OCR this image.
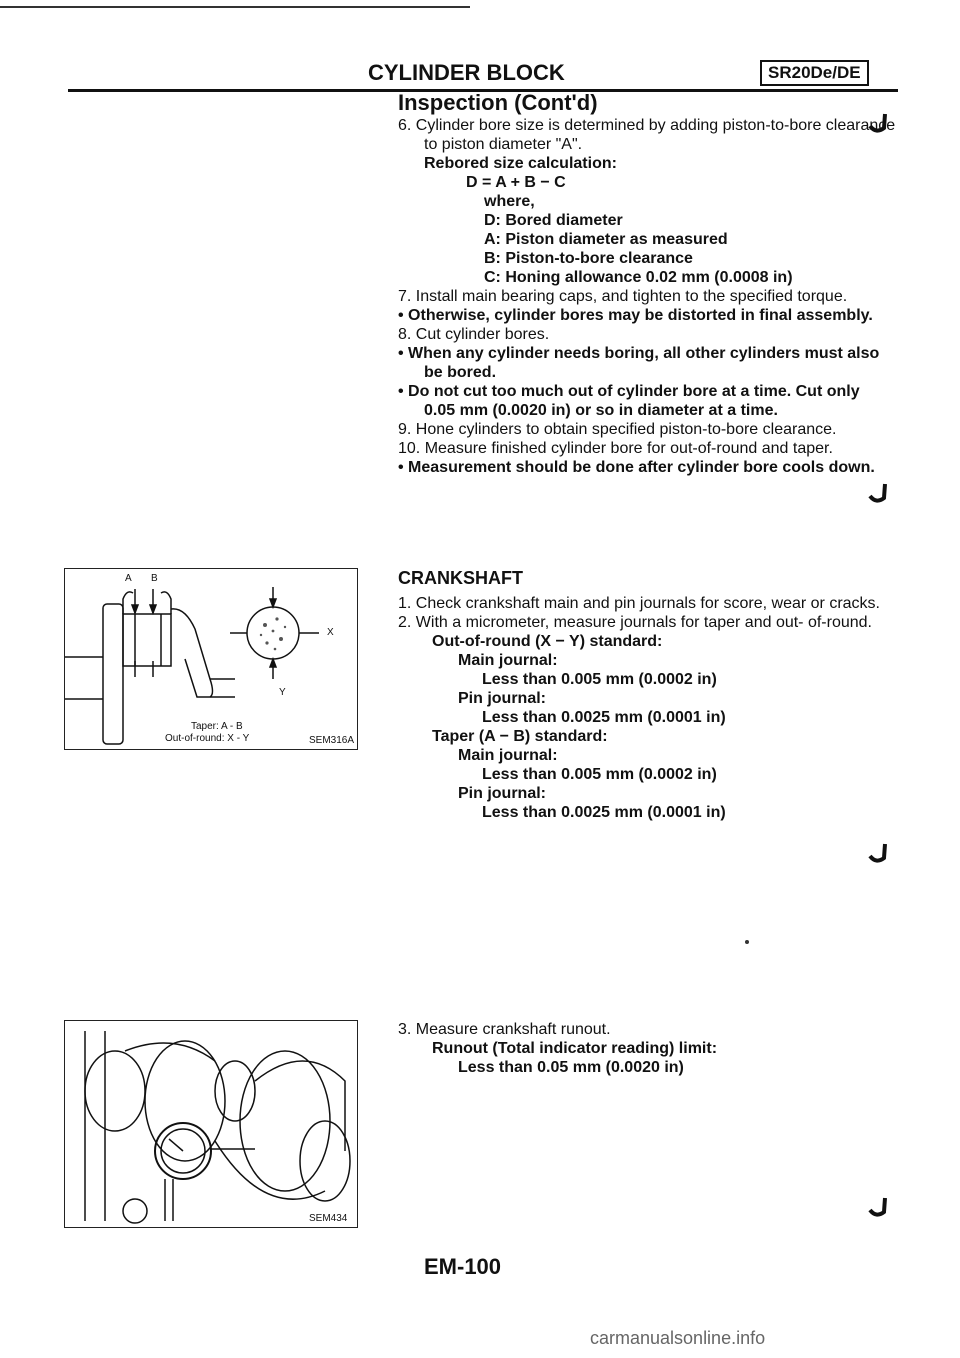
CYLINDER BLOCK	SR20De/DE
Inspection (Cont'd)

6. Cylinder bore size is determined by adding piston-to-bore clearance to piston diameter "A".

Rebored size calculation:

D = A + B − C

where,

D: Bored diameter

A: Piston diameter as measured

B: Piston-to-bore clearance

C: Honing allowance 0.02 mm (0.0008 in)

7. Install main bearing caps, and tighten to the specified torque.

• Otherwise, cylinder bores may be distorted in final assembly.

8. Cut cylinder bores.

• When any cylinder needs boring, all other cylinders must also be bored.

• Do not cut too much out of cylinder bore at a time. Cut only 0.05 mm (0.0020 in) or so in diameter at a time.

9. Hone cylinders to obtain specified piston-to-bore clearance.

10. Measure finished cylinder bore for out-of-round and taper.

• Measurement should be done after cylinder bore cools down.

CRANKSHAFT

1. Check crankshaft main and pin journals for score, wear or cracks.

2. With a micrometer, measure journals for taper and out- of-round.

Out-of-round (X − Y) standard:

Main journal:

Less than 0.005 mm (0.0002 in)

Pin journal:

Less than 0.0025 mm (0.0001 in)

Taper (A − B) standard:

Main journal:

Less than 0.005 mm (0.0002 in)

Pin journal:

Less than 0.0025 mm (0.0001 in)

3. Measure crankshaft runout.

Runout (Total indicator reading) limit:

Less than 0.05 mm (0.0020 in)

A B
X
Y
Taper: A - B
Out-of-round: X - Y	SEM316A
SEM434
EM-100
carmanualsonline.info
